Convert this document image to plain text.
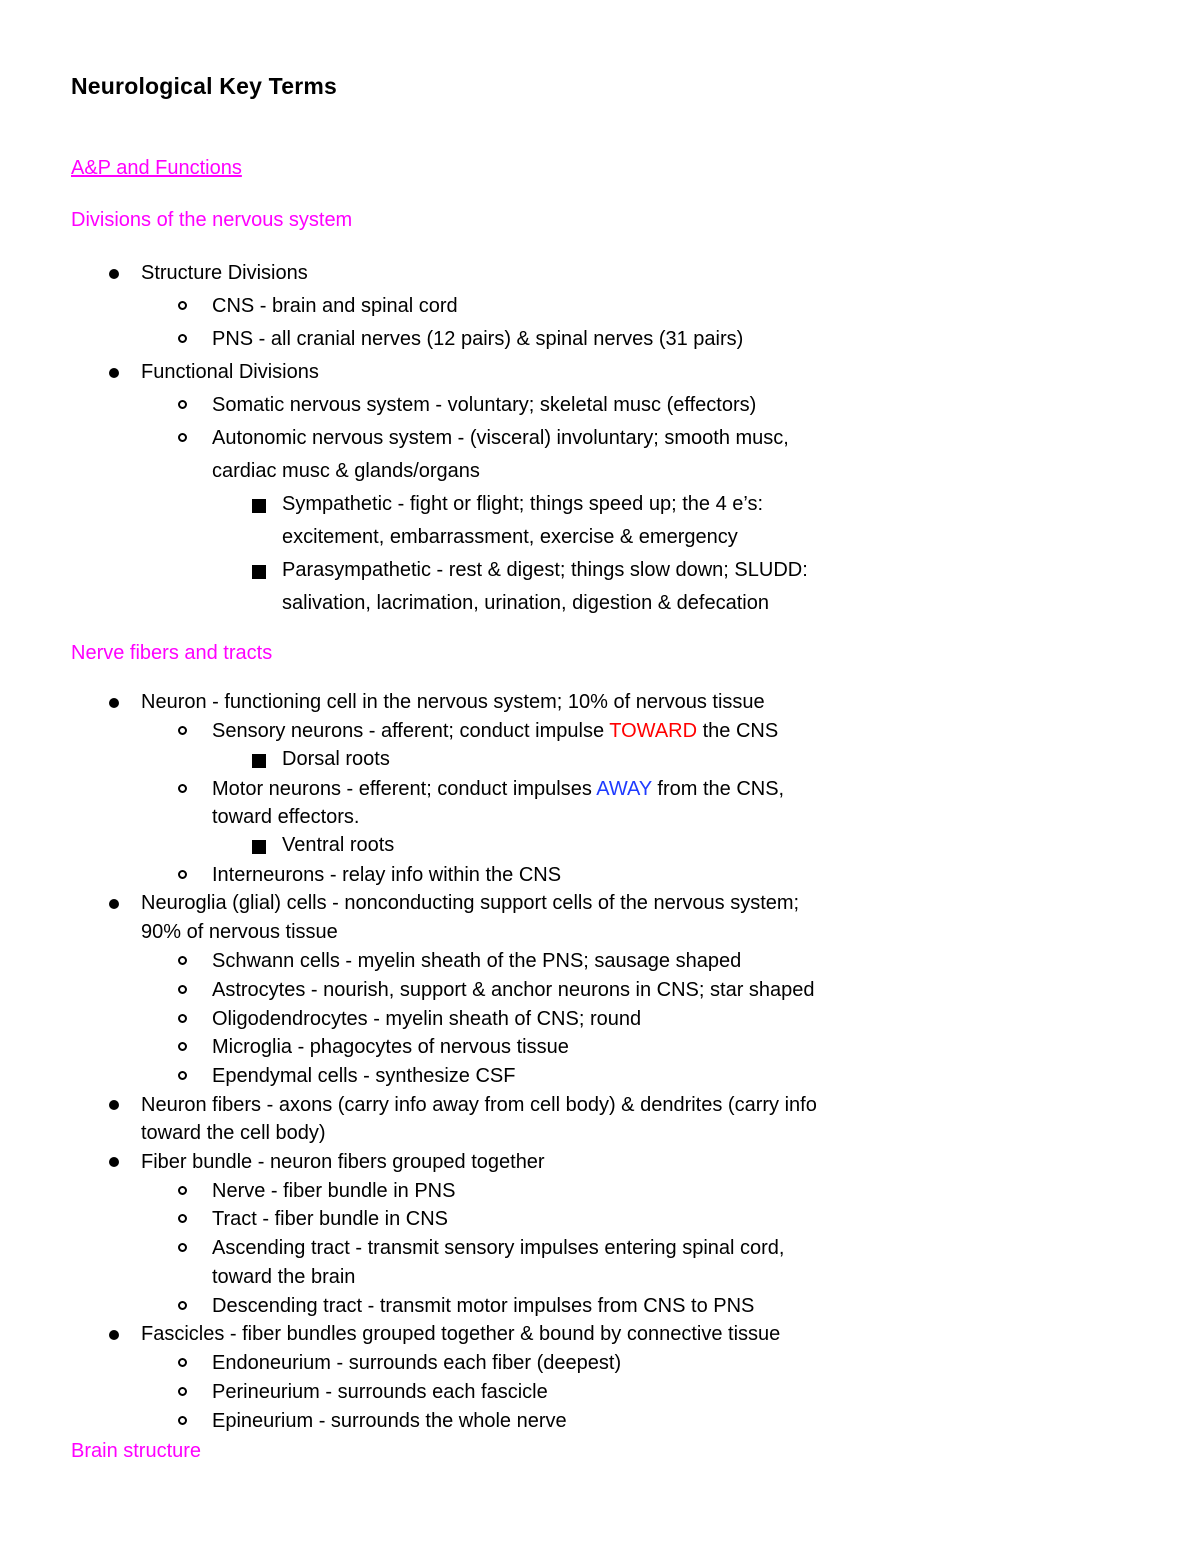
Neurological Key Terms
A&P and Functions
Divisions of the nervous system
Structure Divisions
CNS - brain and spinal cord
PNS - all cranial nerves (12 pairs) & spinal nerves (31 pairs)
Functional Divisions
Somatic nervous system - voluntary; skeletal musc (effectors)
Autonomic nervous system - (visceral) involuntary; smooth musc,
cardiac musc & glands/organs
Sympathetic - fight or flight; things speed up; the 4 e’s:
excitement, embarrassment, exercise & emergency
Parasympathetic - rest & digest; things slow down; SLUDD:
salivation, lacrimation, urination, digestion & defecation
Nerve fibers and tracts
Neuron - functioning cell in the nervous system; 10% of nervous tissue
Sensory neurons - afferent; conduct impulse TOWARD the CNS
Dorsal roots
Motor neurons - efferent; conduct impulses AWAY from the CNS,
toward effectors.
Ventral roots
Interneurons - relay info within the CNS
Neuroglia (glial) cells - nonconducting support cells of the nervous system;
90% of nervous tissue
Schwann cells - myelin sheath of the PNS; sausage shaped
Astrocytes - nourish, support & anchor neurons in CNS; star shaped
Oligodendrocytes - myelin sheath of CNS; round
Microglia - phagocytes of nervous tissue
Ependymal cells - synthesize CSF
Neuron fibers - axons (carry info away from cell body) & dendrites (carry info
toward the cell body)
Fiber bundle - neuron fibers grouped together
Nerve - fiber bundle in PNS
Tract - fiber bundle in CNS
Ascending tract - transmit sensory impulses entering spinal cord,
toward the brain
Descending tract - transmit motor impulses from CNS to PNS
Fascicles - fiber bundles grouped together & bound by connective tissue
Endoneurium - surrounds each fiber (deepest)
Perineurium - surrounds each fascicle
Epineurium - surrounds the whole nerve
Brain structure
